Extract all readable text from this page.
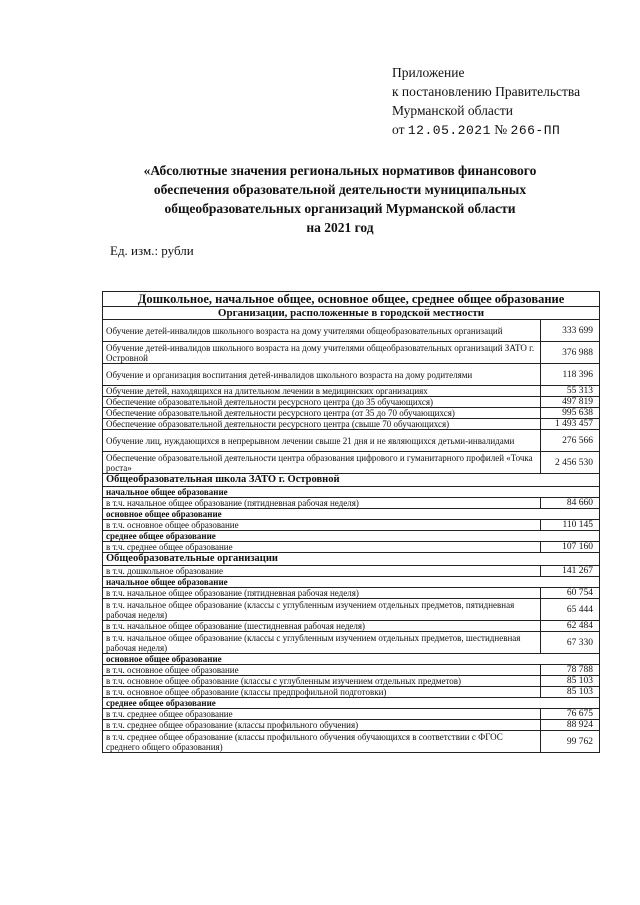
Приложение
к постановлению Правительства
Мурманской области
от 12.05.2021 № 266-ПП
«Абсолютные значения региональных нормативов финансового
обеспечения образовательной деятельности муниципальных
общеобразовательных организаций Мурманской области
на 2021 год
Ед. изм.: рубли
Дошкольное, начальное общее, основное общее, среднее общее образование	
Организации, расположенные в городской местности	
Обучение детей-инвалидов школьного возраста на дому учителями общеобразовательных организаций	333 699
Обучение детей-инвалидов школьного возраста на дому учителями общеобразовательных организаций ЗАТО г. Островной	376 988
Обучение и организация воспитания детей-инвалидов школьного возраста на дому родителями	118 396
Обучение детей, находящихся на длительном лечении в медицинских организациях	55 313
Обеспечение образовательной деятельности ресурсного центра (до 35 обучающихся)	497 819
Обеспечение образовательной деятельности ресурсного центра (от 35 до 70 обучающихся)	995 638
Обеспечение образовательной деятельности ресурсного центра (свыше 70 обучающихся)	1 493 457
Обучение лиц, нуждающихся в непрерывном лечении свыше 21 дня и не являющихся детьми-инвалидами	276 566
Обеспечение образовательной деятельности центра образования цифрового и гуманитарного профилей «Точка роста»	2 456 530
Общеобразовательная школа ЗАТО г. Островной	
начальное общее образование	
в т.ч. начальное общее образование (пятидневная рабочая неделя)	84 660
основное общее образование	
в т.ч. основное общее образование	110 145
среднее общее образование	
в т.ч. среднее общее образование	107 160
Общеобразовательные организации	
в т.ч. дошкольное образование	141 267
начальное общее образование	
в т.ч. начальное общее образование (пятидневная рабочая неделя)	60 754
в т.ч. начальное общее образование (классы с углубленным изучением отдельных предметов, пятидневная рабочая неделя)	65 444
в т.ч. начальное общее образование (шестидневная рабочая неделя)	62 484
в т.ч. начальное общее образование (классы с углубленным изучением отдельных предметов, шестидневная рабочая неделя)	67 330
основное общее образование	
в т.ч. основное общее образование	78 788
в т.ч. основное общее образование (классы с углубленным изучением отдельных предметов)	85 103
в т.ч. основное общее образование (классы предпрофильной подготовки)	85 103
среднее общее образование	
в т.ч. среднее общее образование	76 675
в т.ч. среднее общее образование (классы профильного обучения)	88 924
в т.ч. среднее общее образование (классы профильного обучения обучающихся в соответствии с ФГОС среднего общего образования)	99 762
